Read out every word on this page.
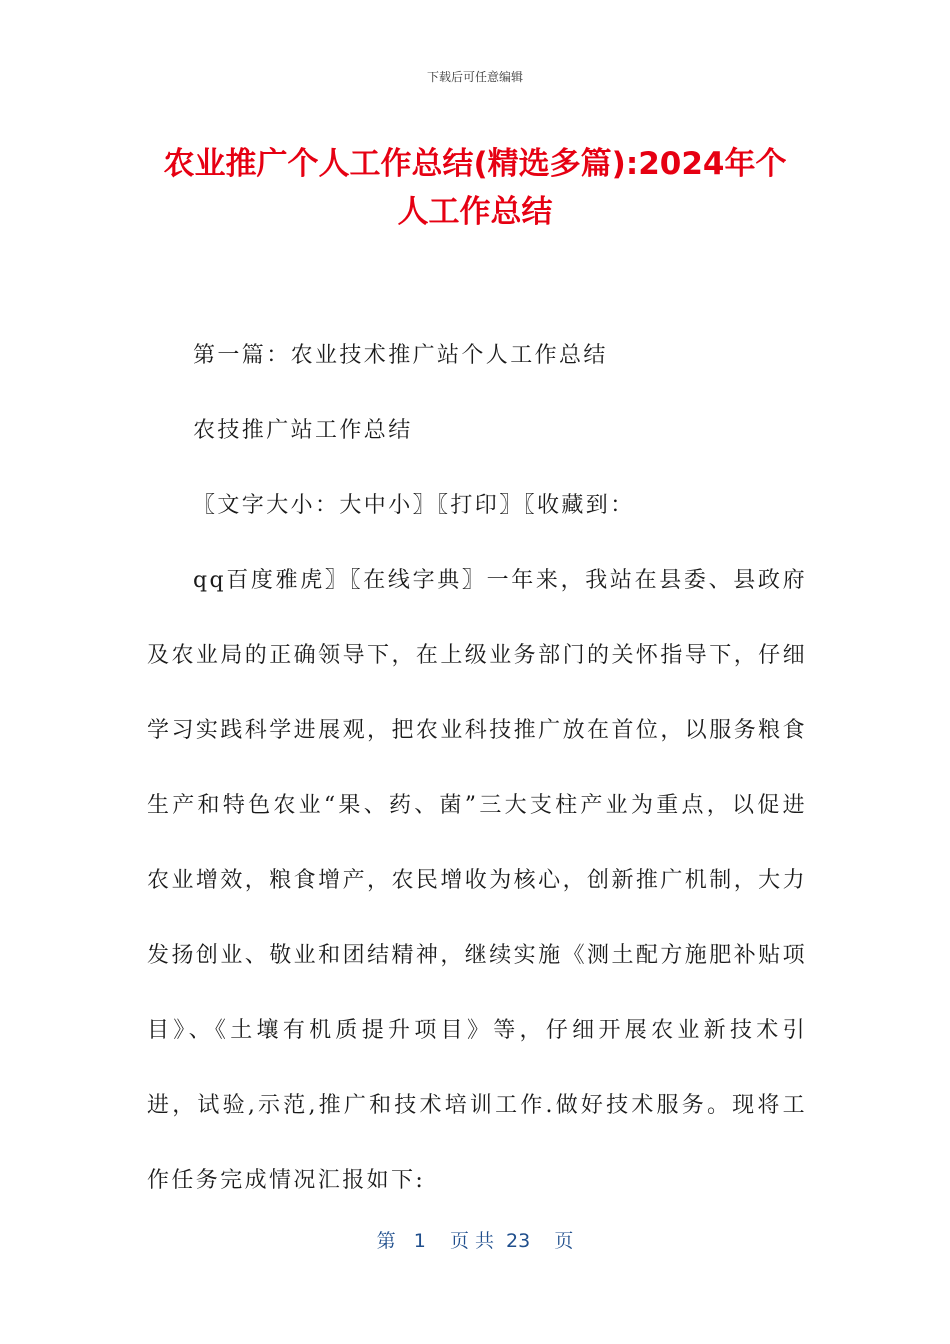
下载后可任意编辑
农业推广个人工作总结(精选多篇):2024年个
人工作总结

第一篇：农业技术推广站个人工作总结

农技推广站工作总结

〖文字大小：大中小〗〖打印〗〖收藏到：

qq百度雅虎〗〖在线字典〗一年来，我站在县委、县政府及农业局的正确领导下，在上级业务部门的关怀指导下，仔细学习实践科学进展观，把农业科技推广放在首位，以服务粮食生产和特色农业“果、药、菌”三大支柱产业为重点，以促进农业增效，粮食增产，农民增收为核心，创新推广机制，大力发扬创业、敬业和团结精神，继续实施《测土配方施肥补贴项目》、《土壤有机质提升项目》等，仔细开展农业新技术引进，试验,示范,推广和技术培训工作.做好技术服务。现将工作任务完成情况汇报如下:

第   1    页 共  23    页
